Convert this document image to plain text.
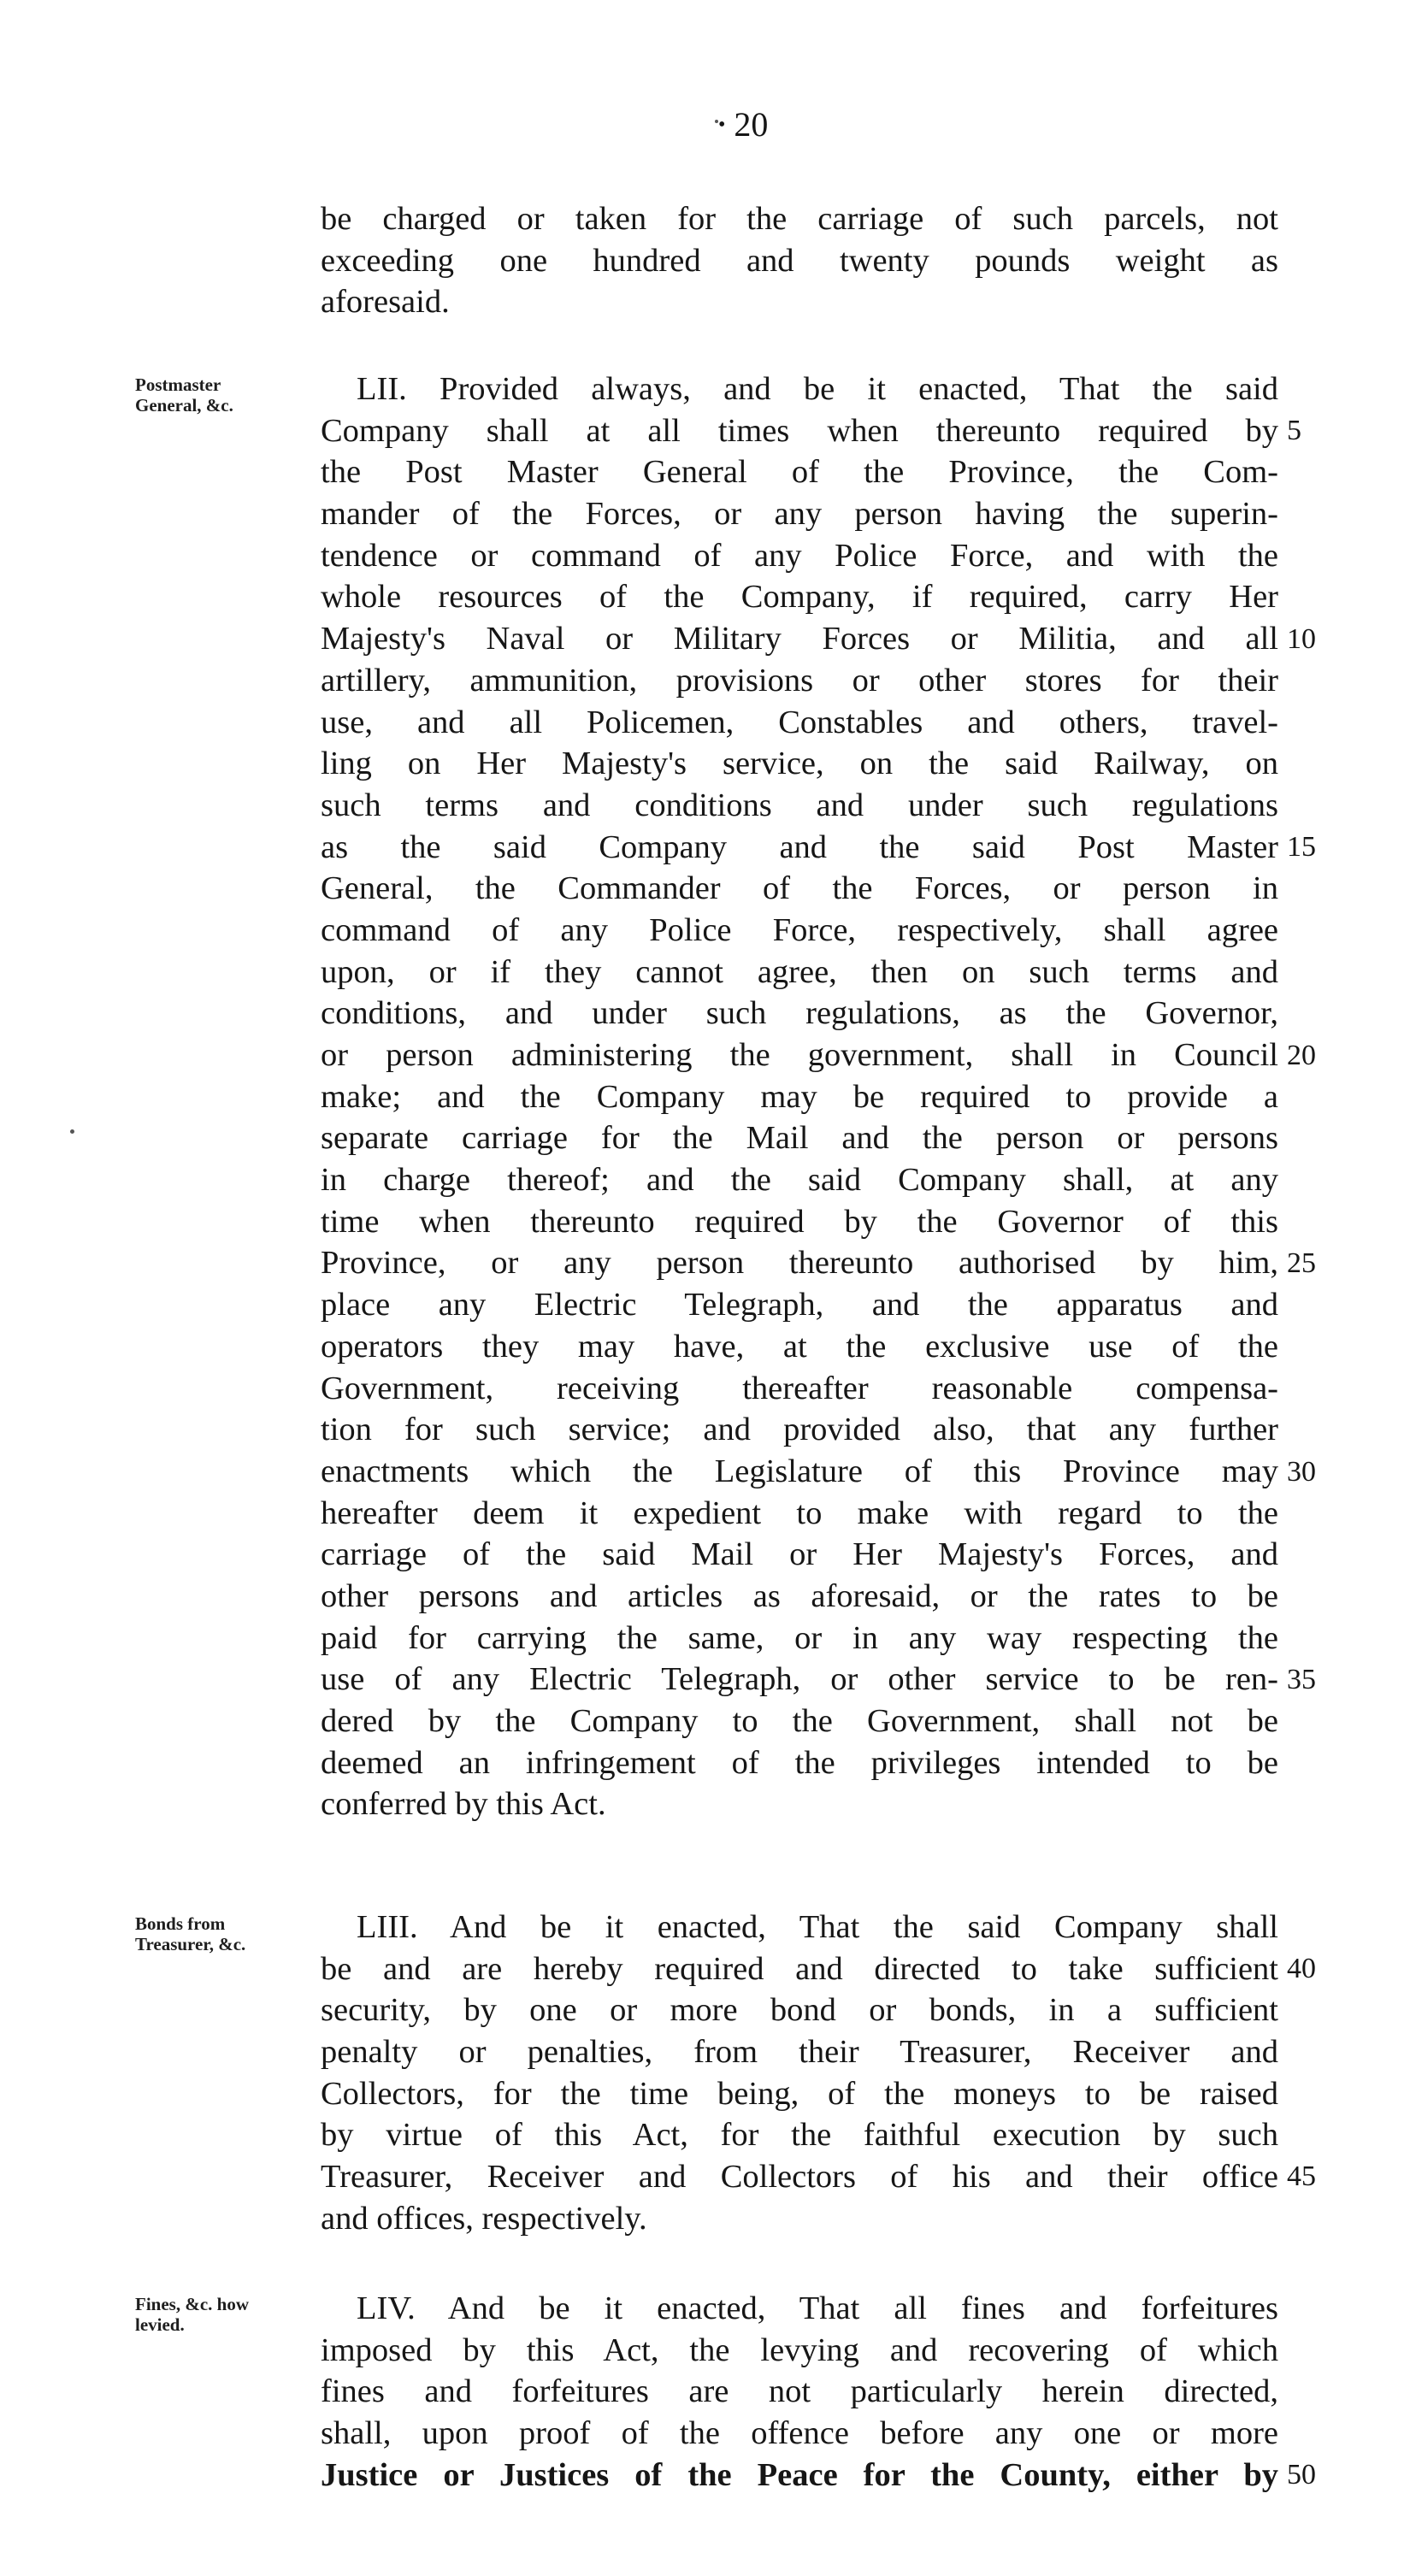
• 20
be charged or taken for the carriage of such parcels, not
exceeding one hundred and twenty pounds weight as
aforesaid.
Postmaster
General, &c.	LII. Provided always, and be it enacted, That the said
Company shall at all times when thereunto required by
the Post Master General of the Province, the Com-
mander of the Forces, or any person having the superin-
tendence or command of any Police Force, and with the
whole resources of the Company, if required, carry Her
Majesty's Naval or Military Forces or Militia, and all
artillery, ammunition, provisions or other stores for their
use, and all Policemen, Constables and others, travel-
ling on Her Majesty's service, on the said Railway, on
such terms and conditions and under such regulations
as the said Company and the said Post Master
General, the Commander of the Forces, or person in
command of any Police Force, respectively, shall agree
upon, or if they cannot agree, then on such terms and
conditions, and under such regulations, as the Governor,
or person administering the government, shall in Council
make; and the Company may be required to provide a
separate carriage for the Mail and the person or persons
in charge thereof; and the said Company shall, at any
time when thereunto required by the Governor of this
Province, or any person thereunto authorised by him,
place any Electric Telegraph, and the apparatus and
operators they may have, at the exclusive use of the
Government, receiving thereafter reasonable compensa-
tion for such service; and provided also, that any further
enactments which the Legislature of this Province may
hereafter deem it expedient to make with regard to the
carriage of the said Mail or Her Majesty's Forces, and
other persons and articles as aforesaid, or the rates to be
paid for carrying the same, or in any way respecting the
use of any Electric Telegraph, or other service to be ren-
dered by the Company to the Government, shall not be
deemed an infringement of the privileges intended to be
conferred by this Act.
Bonds from
Treasurer, &c.	LIII. And be it enacted, That the said Company shall
be and are hereby required and directed to take sufficient
security, by one or more bond or bonds, in a sufficient
penalty or penalties, from their Treasurer, Receiver and
Collectors, for the time being, of the moneys to be raised
by virtue of this Act, for the faithful execution by such
Treasurer, Receiver and Collectors of his and their office
and offices, respectively.
Fines, &c. how
levied.	LIV. And be it enacted, That all fines and forfeitures
imposed by this Act, the levying and recovering of which
fines and forfeitures are not particularly herein directed,
shall, upon proof of the offence before any one or more
Justice or Justices of the Peace for the County, either by
5
10
15
20
25
30
35
40
45
50
